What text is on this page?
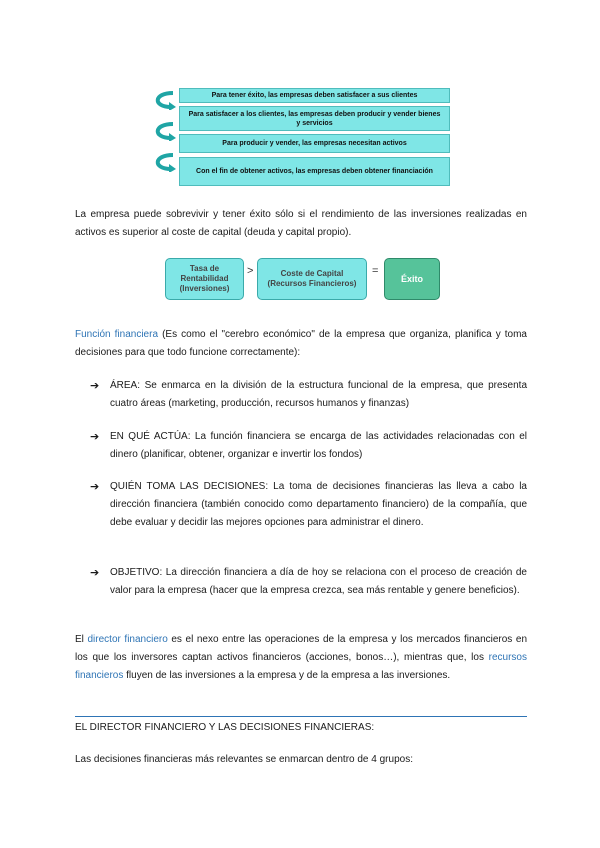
Para tener éxito, las empresas deben satisfacer a sus clientes
Para satisfacer a los clientes, las empresas deben producir y vender bienes y servicios
Para producir y vender, las empresas necesitan activos
Con el fin de obtener activos, las empresas deben obtener financiación
La empresa puede sobrevivir y tener éxito sólo si el rendimiento de las inversiones realizadas en activos es superior al coste de capital (deuda y capital propio).
Tasa de
Rentabilidad
(Inversiones)
>	Coste de Capital
(Recursos Financieros)
=
Éxito
Función financiera (Es como el "cerebro económico" de la empresa que organiza, planifica y toma decisiones para que todo funcione correctamente):
➔	ÁREA: Se enmarca en la división de la estructura funcional de la empresa, que presenta cuatro áreas (marketing, producción, recursos humanos y finanzas)
➔	EN QUÉ ACTÚA: La función financiera se encarga de las actividades relacionadas con el dinero (planificar, obtener, organizar e invertir los fondos)
➔	QUIÉN TOMA LAS DECISIONES: La toma de decisiones financieras las lleva a cabo la dirección financiera (también conocido como departamento financiero) de la compañía, que debe evaluar y decidir las mejores opciones para administrar el dinero.
➔	OBJETIVO: La dirección financiera a día de hoy se relaciona con el proceso de creación de valor para la empresa (hacer que la empresa crezca, sea más rentable y genere beneficios).
El director financiero es el nexo entre las operaciones de la empresa y los mercados financieros en los que los inversores captan activos financieros (acciones, bonos…), mientras que, los recursos financieros fluyen de las inversiones a la empresa y de la empresa a las inversiones.
EL DIRECTOR FINANCIERO Y LAS DECISIONES FINANCIERAS:
Las decisiones financieras más relevantes se enmarcan dentro de 4 grupos:
